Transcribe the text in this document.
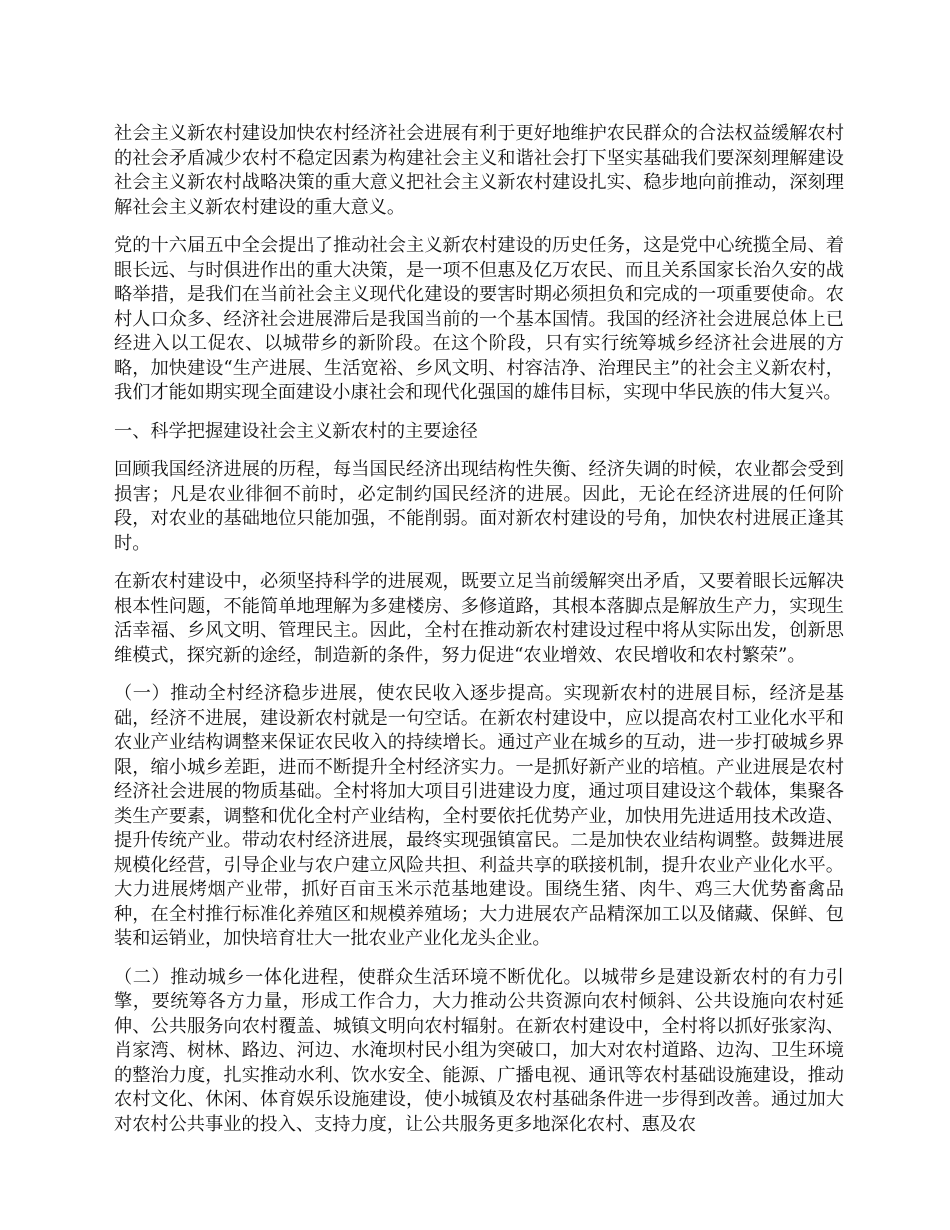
社会主义新农村建设加快农村经济社会进展有利于更好地维护农民群众的合法权益缓解农村的社会矛盾减少农村不稳定因素为构建社会主义和谐社会打下坚实基础我们要深刻理解建设社会主义新农村战略决策的重大意义把社会主义新农村建设扎实、稳步地向前推动，深刻理解社会主义新农村建设的重大意义。

党的十六届五中全会提出了推动社会主义新农村建设的历史任务，这是党中心统揽全局、着眼长远、与时俱进作出的重大决策，是一项不但惠及亿万农民、而且关系国家长治久安的战略举措，是我们在当前社会主义现代化建设的要害时期必须担负和完成的一项重要使命。农村人口众多、经济社会进展滞后是我国当前的一个基本国情。我国的经济社会进展总体上已经进入以工促农、以城带乡的新阶段。在这个阶段，只有实行统筹城乡经济社会进展的方略，加快建设“生产进展、生活宽裕、乡风文明、村容洁净、治理民主”的社会主义新农村，我们才能如期实现全面建设小康社会和现代化强国的雄伟目标，实现中华民族的伟大复兴。

一、科学把握建设社会主义新农村的主要途径

回顾我国经济进展的历程，每当国民经济出现结构性失衡、经济失调的时候，农业都会受到损害；凡是农业徘徊不前时，必定制约国民经济的进展。因此，无论在经济进展的任何阶段，对农业的基础地位只能加强，不能削弱。面对新农村建设的号角，加快农村进展正逢其时。

在新农村建设中，必须坚持科学的进展观，既要立足当前缓解突出矛盾，又要着眼长远解决根本性问题，不能简单地理解为多建楼房、多修道路，其根本落脚点是解放生产力，实现生活幸福、乡风文明、管理民主。因此，全村在推动新农村建设过程中将从实际出发，创新思维模式，探究新的途经，制造新的条件，努力促进“农业增效、农民增收和农村繁荣”。

（一）推动全村经济稳步进展，使农民收入逐步提高。实现新农村的进展目标，经济是基础，经济不进展，建设新农村就是一句空话。在新农村建设中，应以提高农村工业化水平和农业产业结构调整来保证农民收入的持续增长。通过产业在城乡的互动，进一步打破城乡界限，缩小城乡差距，进而不断提升全村经济实力。一是抓好新产业的培植。产业进展是农村经济社会进展的物质基础。全村将加大项目引进建设力度，通过项目建设这个载体，集聚各类生产要素，调整和优化全村产业结构，全村要依托优势产业，加快用先进适用技术改造、提升传统产业。带动农村经济进展，最终实现强镇富民。二是加快农业结构调整。鼓舞进展规模化经营，引导企业与农户建立风险共担、利益共享的联接机制，提升农业产业化水平。大力进展烤烟产业带，抓好百亩玉米示范基地建设。围绕生猪、肉牛、鸡三大优势畜禽品种，在全村推行标准化养殖区和规模养殖场；大力进展农产品精深加工以及储藏、保鲜、包装和运销业，加快培育壮大一批农业产业化龙头企业。

（二）推动城乡一体化进程，使群众生活环境不断优化。以城带乡是建设新农村的有力引擎，要统筹各方力量，形成工作合力，大力推动公共资源向农村倾斜、公共设施向农村延伸、公共服务向农村覆盖、城镇文明向农村辐射。在新农村建设中，全村将以抓好张家沟、肖家湾、树林、路边、河边、水淹坝村民小组为突破口，加大对农村道路、边沟、卫生环境的整治力度，扎实推动水利、饮水安全、能源、广播电视、通讯等农村基础设施建设，推动农村文化、休闲、体育娱乐设施建设，使小城镇及农村基础条件进一步得到改善。通过加大对农村公共事业的投入、支持力度，让公共服务更多地深化农村、惠及农
